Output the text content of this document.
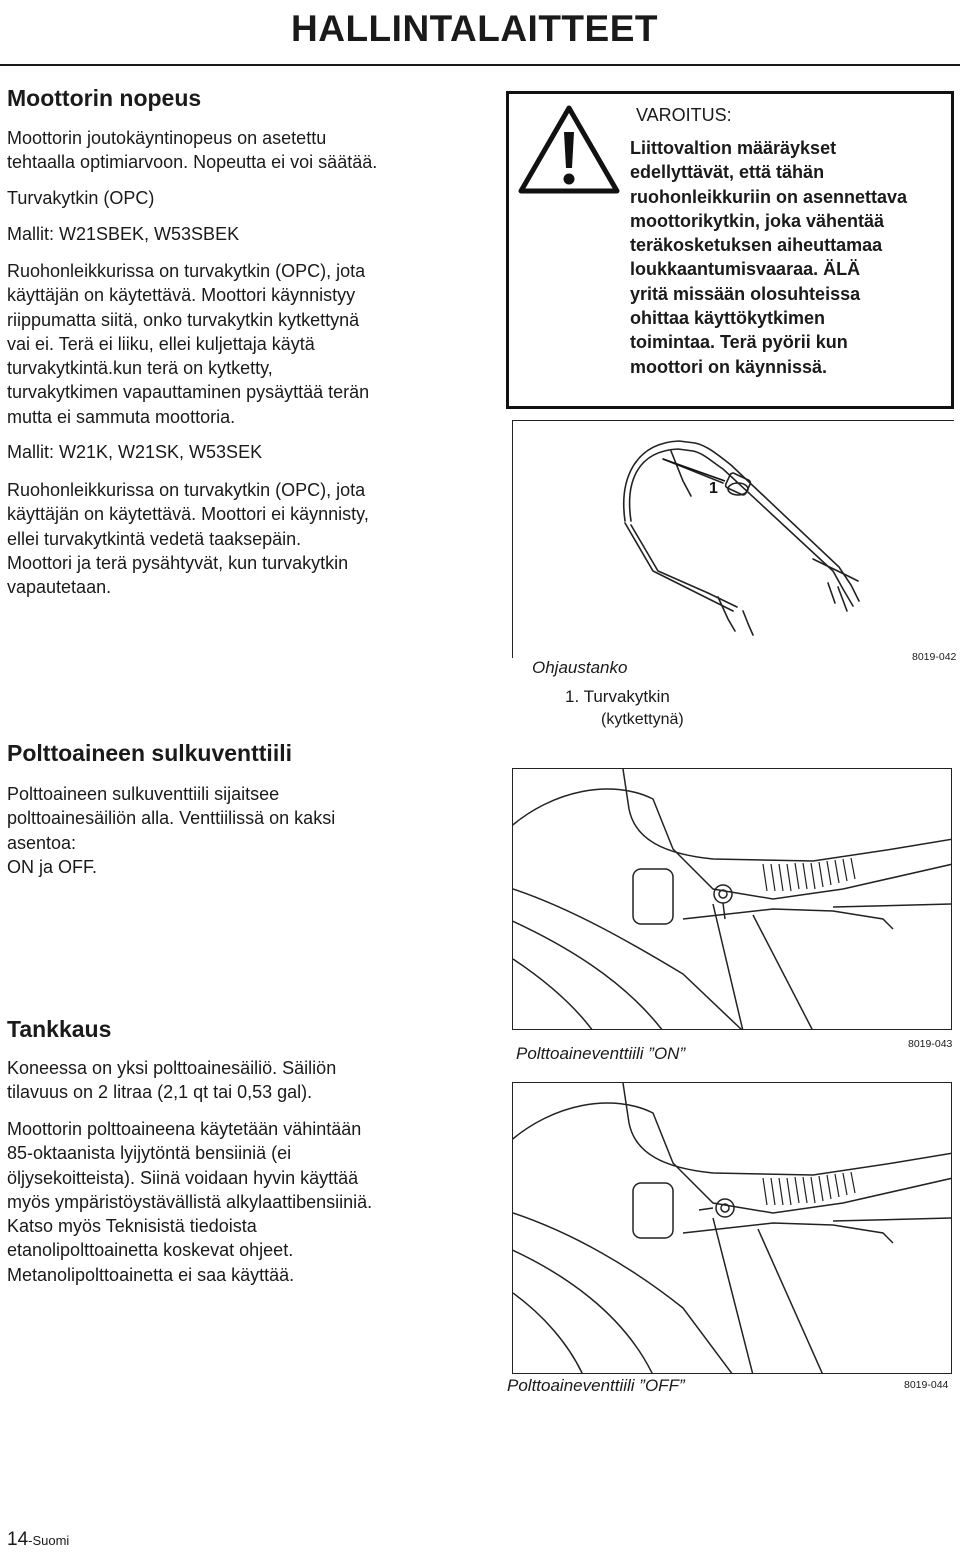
HALLINTALAITTEET
Moottorin nopeus

Moottorin joutokäyntinopeus on asetettu

tehtaalla optimiarvoon. Nopeutta ei voi säätää.

Turvakytkin (OPC)

Mallit: W21SBEK, W53SBEK

Ruohonleikkurissa on turvakytkin (OPC), jota

käyttäjän on käytettävä. Moottori käynnistyy

riippumatta siitä, onko turvakytkin kytkettynä

vai ei. Terä ei liiku, ellei kuljettaja käytä

turvakytkintä.kun terä on kytketty,

turvakytkimen vapauttaminen pysäyttää terän

mutta ei sammuta moottoria.

Mallit: W21K, W21SK, W53SEK

Ruohonleikkurissa on turvakytkin (OPC), jota

käyttäjän on käytettävä. Moottori ei käynnisty,

ellei turvakytkintä vedetä taaksepäin.

Moottori ja terä pysähtyvät, kun turvakytkin

vapautetaan.

Polttoaineen sulkuventtiili

Polttoaineen sulkuventtiili sijaitsee

polttoainesäiliön alla. Venttiilissä on kaksi

asentoa:

ON ja OFF.

Tankkaus

Koneessa on yksi polttoainesäiliö. Säiliön

tilavuus on 2 litraa (2,1 qt tai 0,53 gal).

Moottorin polttoaineena käytetään vähintään

85-oktaanista lyijytöntä bensiiniä (ei

öljysekoitteista). Siinä voidaan hyvin käyttää

myös ympäristöystävällistä alkylaattibensiiniä.

Katso myös Teknisistä tiedoista

etanolipolttoainetta koskevat ohjeet.

Metanolipolttoainetta ei saa käyttää.

VAROITUS:
Liittovaltion määräykset
edellyttävät, että tähän
ruohonleikkuriin on asennettava
moottorikytkin, joka vähentää
teräkosketuksen aiheuttamaa
loukkaantumisvaaraa. ÄLÄ
yritä missään olosuhteissa
ohittaa käyttökytkimen
toimintaa. Terä pyörii kun
moottori on käynnissä.
1
Ohjaustanko
8019-042
1. Turvakytkin
(kytkettynä)
Polttoaineventtiili ”ON”	8019-043
Polttoaineventtiili ”OFF”	8019-044
14-Suomi
